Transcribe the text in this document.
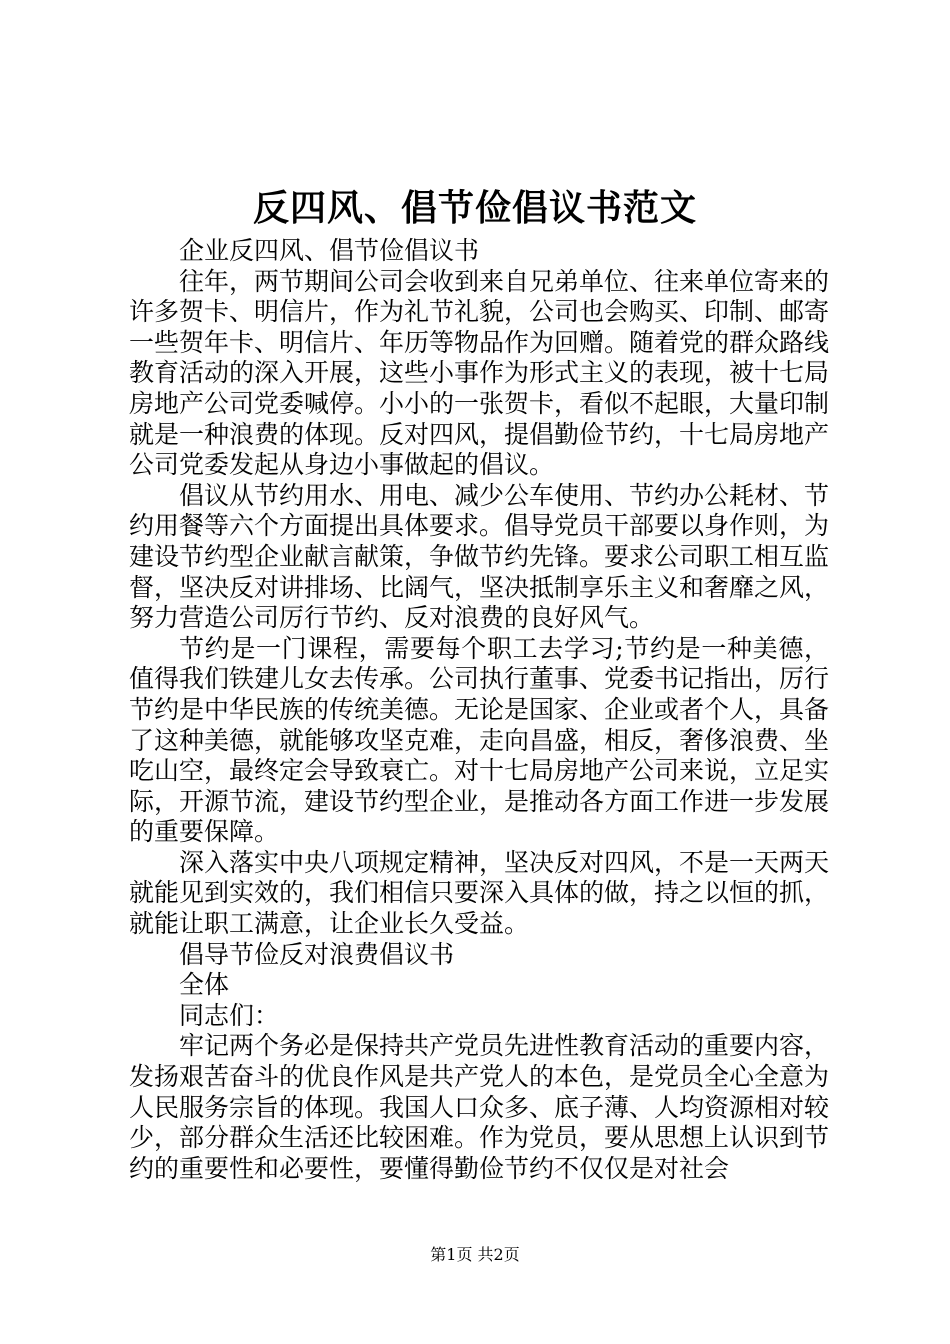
反四风、倡节俭倡议书范文

企业反四风、倡节俭倡议书

往年，两节期间公司会收到来自兄弟单位、往来单位寄来的许多贺卡、明信片，作为礼节礼貌，公司也会购买、印制、邮寄一些贺年卡、明信片、年历等物品作为回赠。随着党的群众路线教育活动的深入开展，这些小事作为形式主义的表现，被十七局房地产公司党委喊停。小小的一张贺卡，看似不起眼，大量印制就是一种浪费的体现。反对四风，提倡勤俭节约，十七局房地产公司党委发起从身边小事做起的倡议。

倡议从节约用水、用电、减少公车使用、节约办公耗材、节约用餐等六个方面提出具体要求。倡导党员干部要以身作则，为建设节约型企业献言献策，争做节约先锋。要求公司职工相互监督，坚决反对讲排场、比阔气，坚决抵制享乐主义和奢靡之风，努力营造公司厉行节约、反对浪费的良好风气。

节约是一门课程，需要每个职工去学习;节约是一种美德，值得我们铁建儿女去传承。公司执行董事、党委书记指出，厉行节约是中华民族的传统美德。无论是国家、企业或者个人，具备了这种美德，就能够攻坚克难，走向昌盛，相反，奢侈浪费、坐吃山空，最终定会导致衰亡。对十七局房地产公司来说，立足实际，开源节流，建设节约型企业，是推动各方面工作进一步发展的重要保障。

深入落实中央八项规定精神，坚决反对四风，不是一天两天就能见到实效的，我们相信只要深入具体的做，持之以恒的抓，就能让职工满意，让企业长久受益。

倡导节俭反对浪费倡议书

全体

同志们：

牢记两个务必是保持共产党员先进性教育活动的重要内容，发扬艰苦奋斗的优良作风是共产党人的本色，是党员全心全意为人民服务宗旨的体现。我国人口众多、底子薄、人均资源相对较少，部分群众生活还比较困难。作为党员，要从思想上认识到节约的重要性和必要性，要懂得勤俭节约不仅仅是对社会

第1页 共2页
